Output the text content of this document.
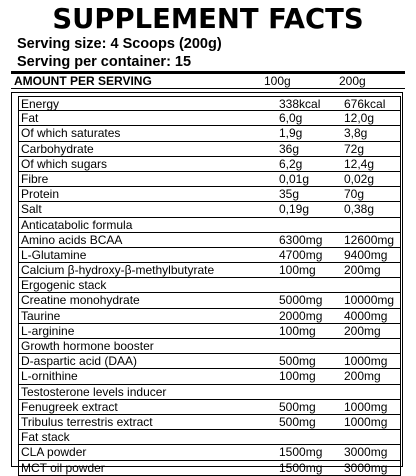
SUPPLEMENT FACTS
Serving size: 4 Scoops (200g)
Serving per container: 15
AMOUNT PER SERVING	100g	200g
Energy	338kcal 676kcal
Fat	6,0g	12,0g
Of which saturates	1,9g	3,8g
Carbohydrate	36g	72g
Of which sugars	6,2g	12,4g
Fibre	0,01g	0,02g
Protein	35g	70g
Salt	0,19g	0,38g
Anticatabolic formula
Amino acids BCAA	6300mg 12600mg
L-Glutamine	4700mg 9400mg
Calcium β-hydroxy-β-methylbutyrate	100mg 200mg
Ergogenic stack
Creatine monohydrate	5000mg 10000mg
Taurine	2000mg 4000mg
L-arginine	100mg 200mg
Growth hormone booster
D-aspartic acid (DAA)	500mg 1000mg
L-ornithine	100mg 200mg
Testosterone levels inducer
Fenugreek extract	500mg 1000mg
Tribulus terrestris extract	500mg 1000mg
Fat stack
CLA powder	1500mg 3000mg
MCT oil powder	1500mg 3000mg
